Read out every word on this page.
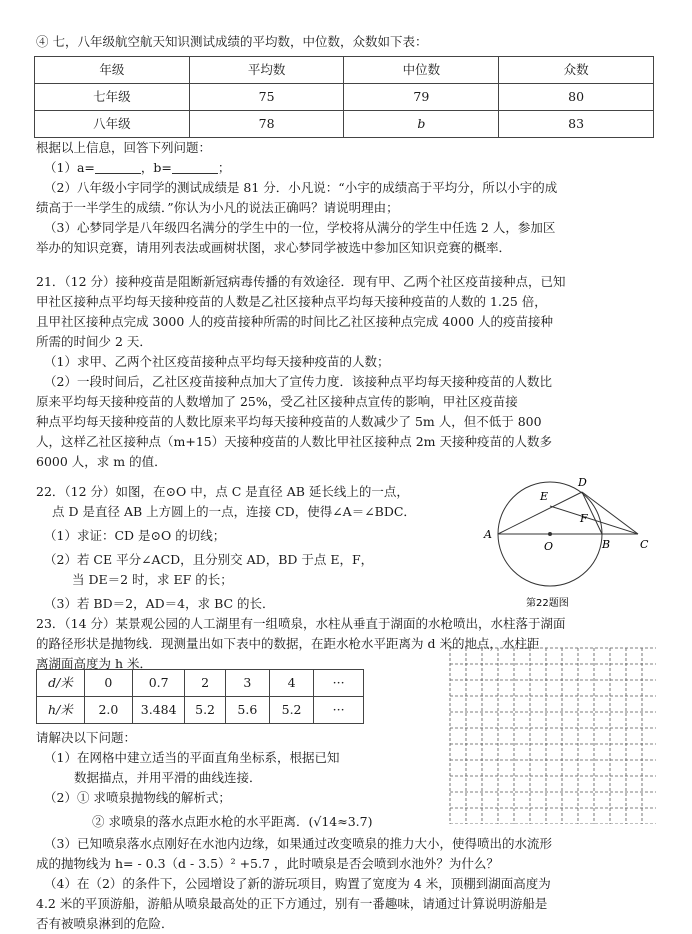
④ 七，八年级航空航天知识测试成绩的平均数，中位数，众数如下表：
年级	平均数	中位数	众数
七年级	75	79	80
八年级	78	b	83
根据以上信息，回答下列问题：
（1）a=	，b=	；
（2）八年级小宇同学的测试成绩是 81 分．小凡说：“小宇的成绩高于平均分，所以小宇的成
绩高于一半学生的成绩．”你认为小凡的说法正确吗？请说明理由；
（3）心梦同学是八年级四名满分的学生中的一位，学校将从满分的学生中任选 2 人，参加区
举办的知识竞赛，请用列表法或画树状图，求心梦同学被选中参加区知识竞赛的概率．
21．（12 分）接种疫苗是阻断新冠病毒传播的有效途径．现有甲、乙两个社区疫苗接种点，已知
甲社区接种点平均每天接种疫苗的人数是乙社区接种点平均每天接种疫苗的人数的 1.25 倍，
且甲社区接种点完成 3000 人的疫苗接种所需的时间比乙社区接种点完成 4000 人的疫苗接种
所需的时间少 2 天．
（1）求甲、乙两个社区疫苗接种点平均每天接种疫苗的人数；
（2）一段时间后，乙社区疫苗接种点加大了宣传力度．该接种点平均每天接种疫苗的人数比
原来平均每天接种疫苗的人数增加了 25%，受乙社区接种点宣传的影响，甲社区疫苗接
种点平均每天接种疫苗的人数比原来平均每天接种疫苗的人数减少了 5m 人，但不低于 800
人，这样乙社区接种点（m+15）天接种疫苗的人数比甲社区接种点 2m 天接种疫苗的人数多
6000 人，求 m 的值．
22．（12 分）如图，在⊙O 中，点 C 是直径 AB 延长线上的一点，
点 D 是直径 AB 上方圆上的一点，连接 CD，使得∠A＝∠BDC．
（1）求证：CD 是⊙O 的切线；
（2）若 CE 平分∠ACD，且分别交 AD，BD 于点 E，F，
当 DE＝2 时，求 EF 的长；
（3）若 BD＝2，AD＝4，求 BC 的长．
A
B	C
D
E
F
O
第22题图
23．（14 分）某景观公园的人工湖里有一组喷泉，水柱从垂直于湖面的水枪喷出，水柱落于湖面
的路径形状是抛物线．现测量出如下表中的数据，在距水枪水平距离为 d 米的地点，水柱距
离湖面高度为 h 米．
d/米	0	0.7	2	3	4	···
h/米	2.0	3.484	5.2	5.6	5.2	···
请解决以下问题：
（1）在网格中建立适当的平面直角坐标系，根据已知
数据描点，并用平滑的曲线连接．
（2）① 求喷泉抛物线的解析式；
② 求喷泉的落水点距水枪的水平距离．(√14≈3.7)
（3）已知喷泉落水点刚好在水池内边缘，如果通过改变喷泉的推力大小，使得喷出的水流形
成的抛物线为 h= - 0.3（d - 3.5）² +5.7 ，此时喷泉是否会喷到水池外？为什么？
（4）在（2）的条件下，公园增设了新的游玩项目，购置了宽度为 4 米，顶棚到湖面高度为
4.2 米的平顶游船，游船从喷泉最高处的正下方通过，别有一番趣味，请通过计算说明游船是
否有被喷泉淋到的危险．
